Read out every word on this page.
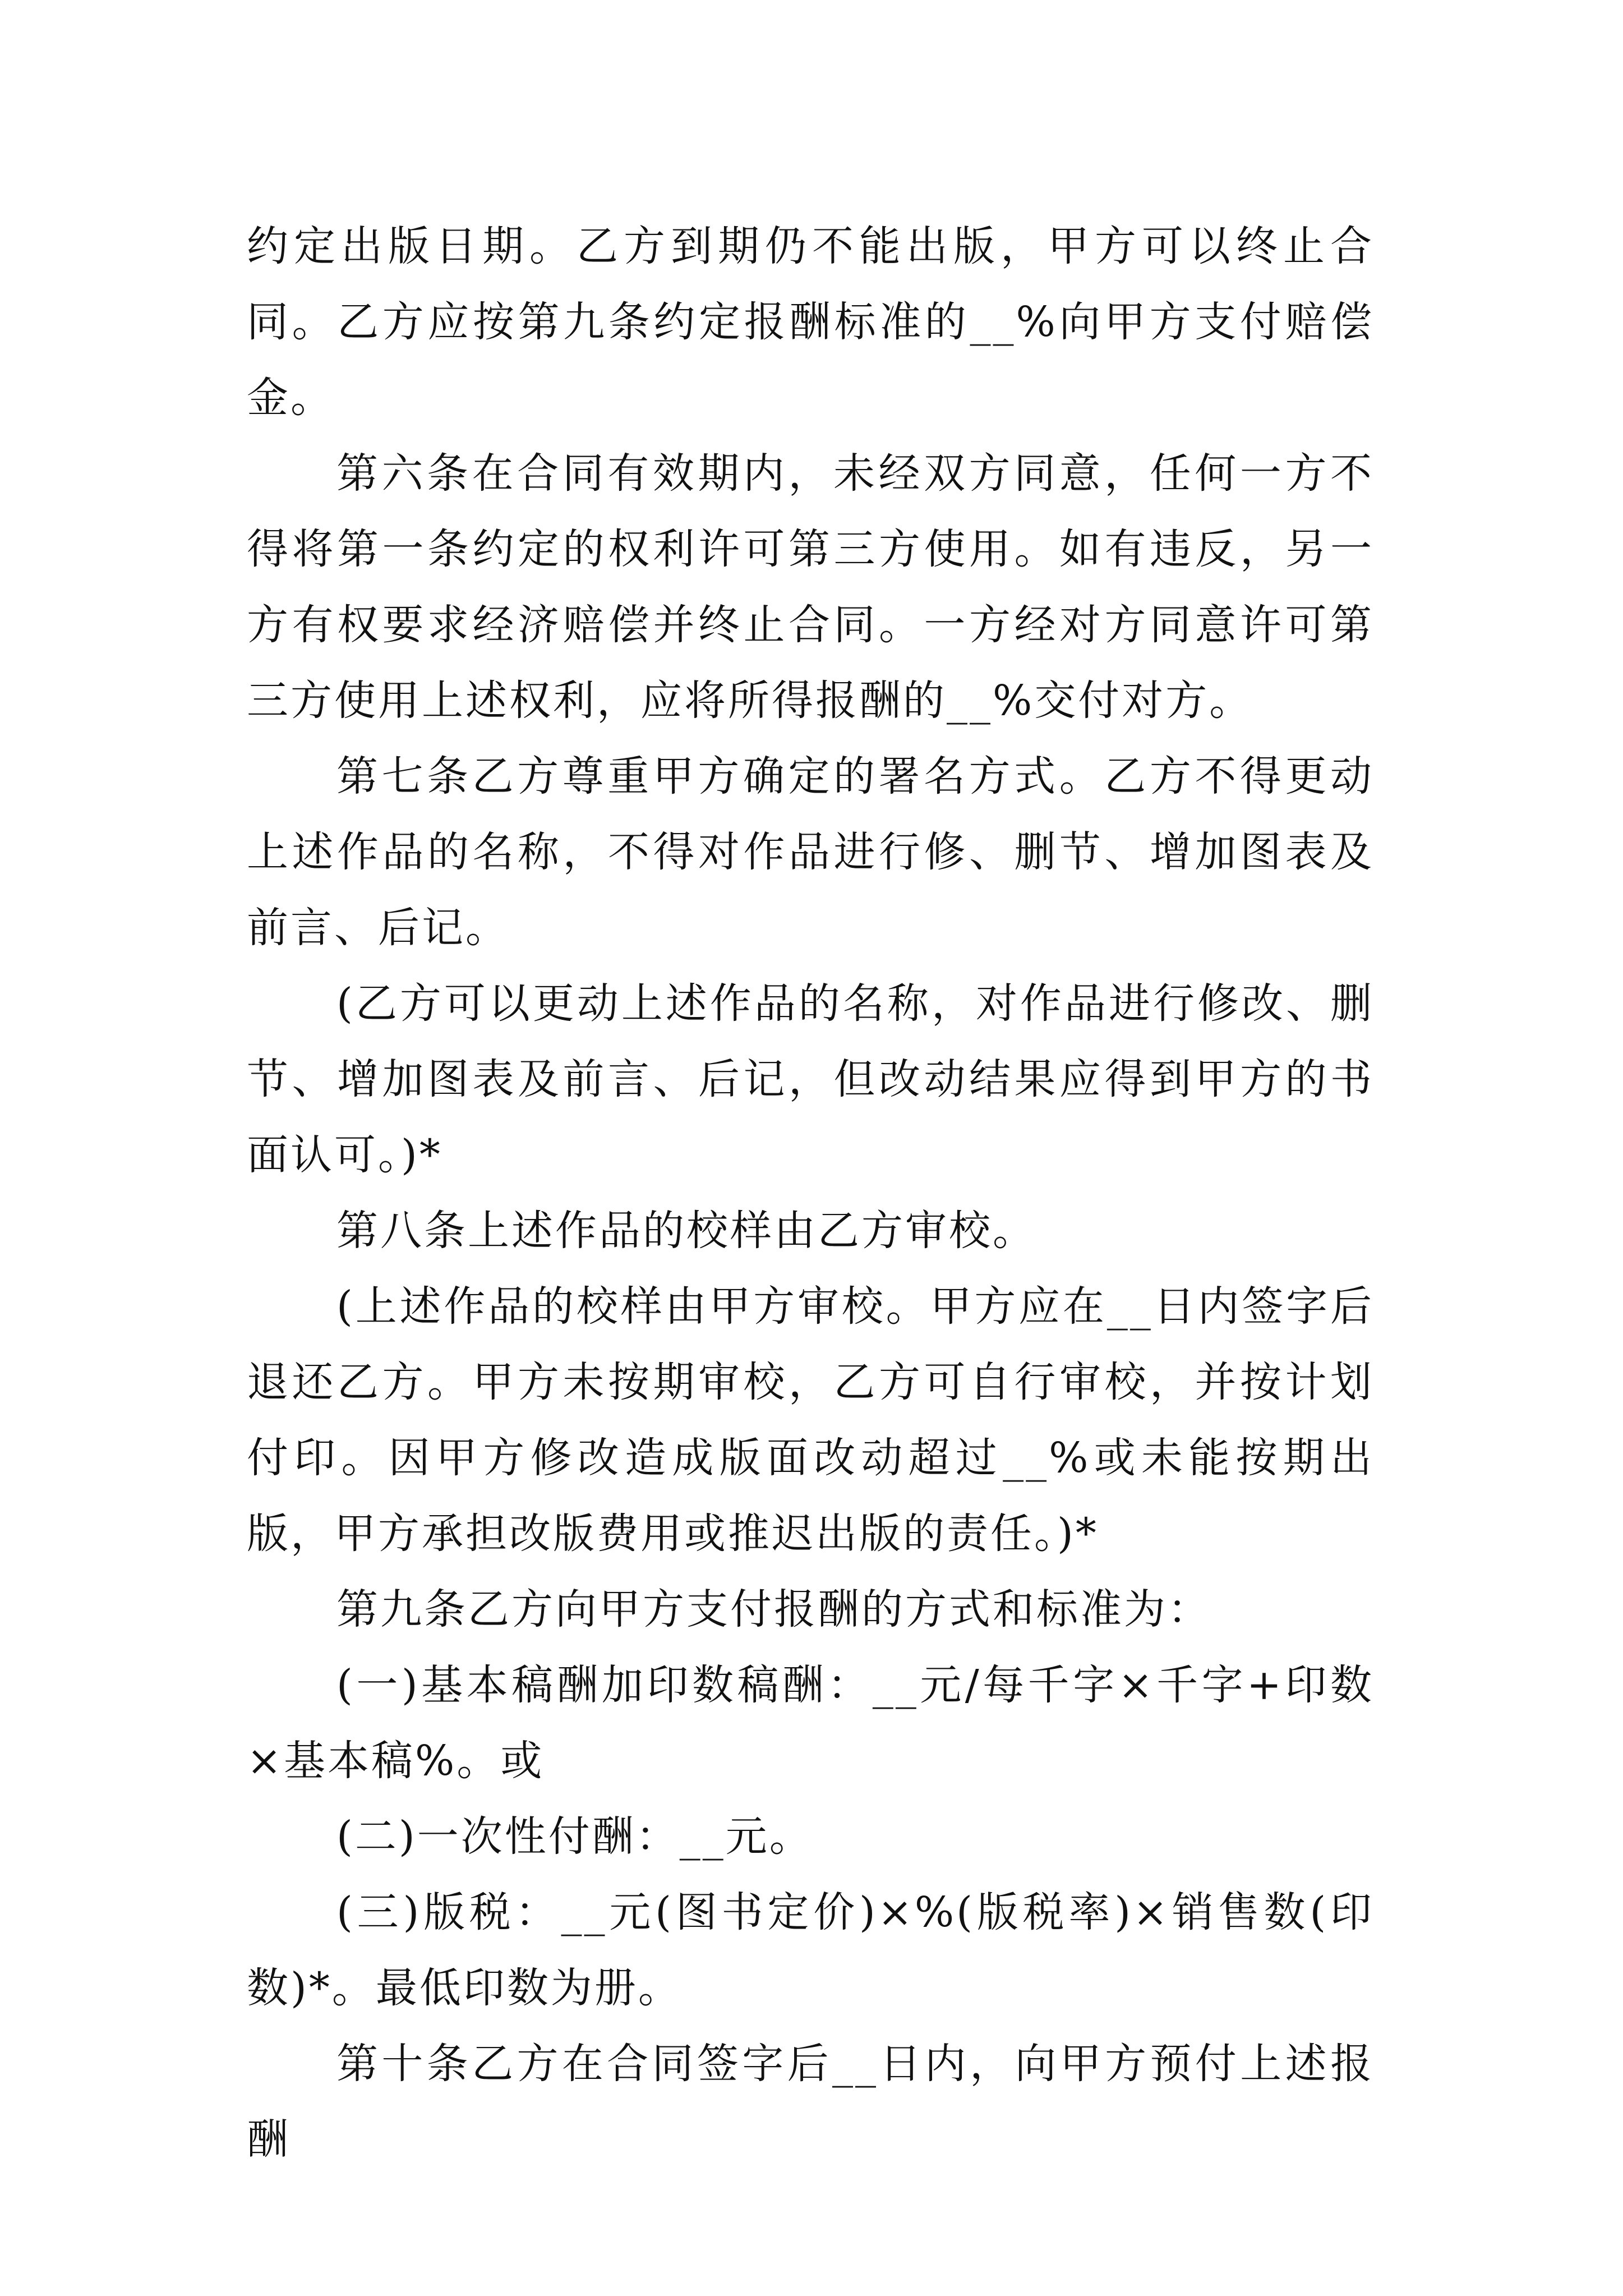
约定出版日期。乙方到期仍不能出版，甲方可以终止合同。乙方应按第九条约定报酬标准的__%向甲方支付赔偿金。

第六条在合同有效期内，未经双方同意，任何一方不得将第一条约定的权利许可第三方使用。如有违反，另一方有权要求经济赔偿并终止合同。一方经对方同意许可第三方使用上述权利，应将所得报酬的__%交付对方。

第七条乙方尊重甲方确定的署名方式。乙方不得更动上述作品的名称，不得对作品进行修、删节、增加图表及前言、后记。

(乙方可以更动上述作品的名称，对作品进行修改、删节、增加图表及前言、后记，但改动结果应得到甲方的书面认可。)*

第八条上述作品的校样由乙方审校。

(上述作品的校样由甲方审校。甲方应在__日内签字后退还乙方。甲方未按期审校，乙方可自行审校，并按计划付印。因甲方修改造成版面改动超过__%或未能按期出版，甲方承担改版费用或推迟出版的责任。)*

第九条乙方向甲方支付报酬的方式和标准为：

(一)基本稿酬加印数稿酬：__元/每千字×千字+印数×基本稿%。或

(二)一次性付酬：__元。

(三)版税：__元(图书定价)×%(版税率)×销售数(印数)*。最低印数为册。

第十条乙方在合同签字后__日内，向甲方预付上述报酬
